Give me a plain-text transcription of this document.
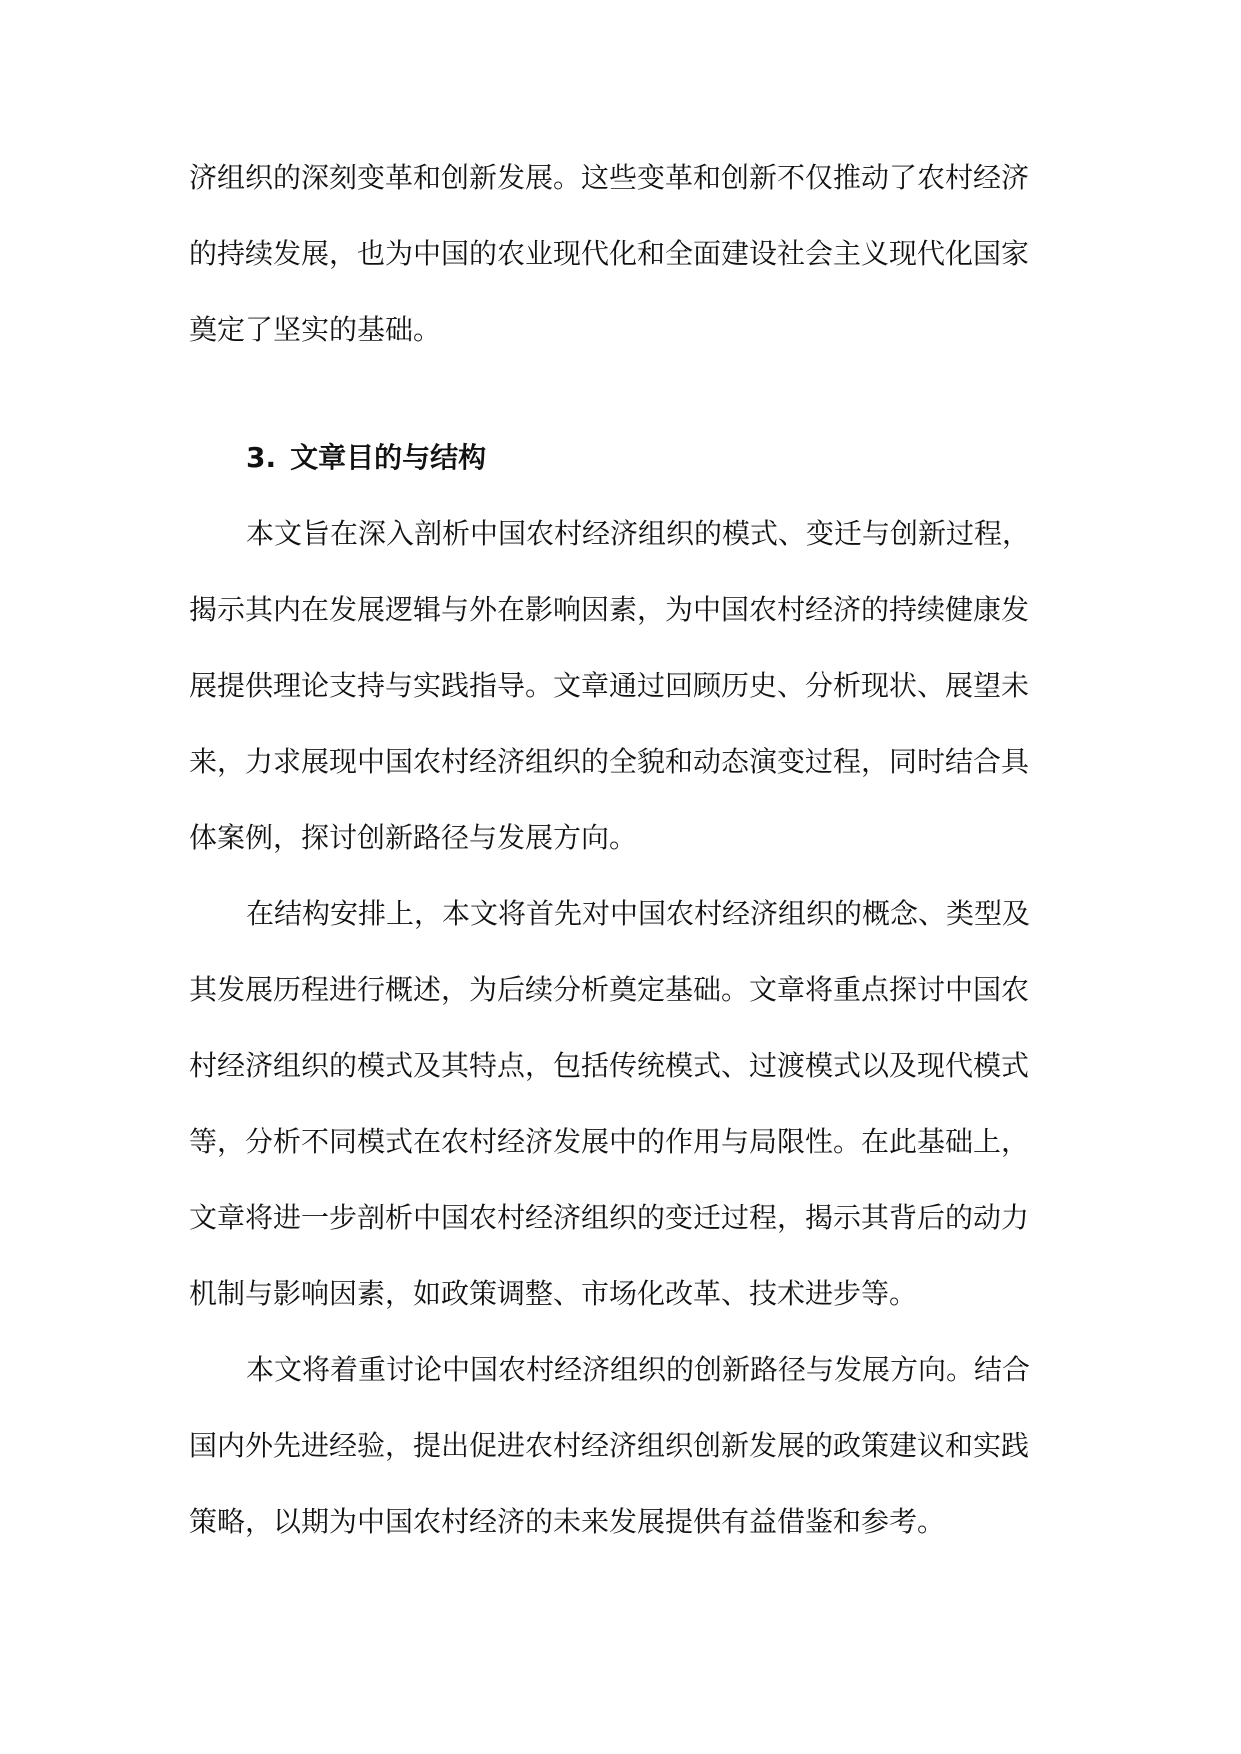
济组织的深刻变革和创新发展。这些变革和创新不仅推动了农村经济
的持续发展，也为中国的农业现代化和全面建设社会主义现代化国家
奠定了坚实的基础。
3. 文章目的与结构
本文旨在深入剖析中国农村经济组织的模式、变迁与创新过程，
揭示其内在发展逻辑与外在影响因素，为中国农村经济的持续健康发
展提供理论支持与实践指导。文章通过回顾历史、分析现状、展望未
来，力求展现中国农村经济组织的全貌和动态演变过程，同时结合具
体案例，探讨创新路径与发展方向。
在结构安排上，本文将首先对中国农村经济组织的概念、类型及
其发展历程进行概述，为后续分析奠定基础。文章将重点探讨中国农
村经济组织的模式及其特点，包括传统模式、过渡模式以及现代模式
等，分析不同模式在农村经济发展中的作用与局限性。在此基础上，
文章将进一步剖析中国农村经济组织的变迁过程，揭示其背后的动力
机制与影响因素，如政策调整、市场化改革、技术进步等。
本文将着重讨论中国农村经济组织的创新路径与发展方向。结合
国内外先进经验，提出促进农村经济组织创新发展的政策建议和实践
策略，以期为中国农村经济的未来发展提供有益借鉴和参考。
